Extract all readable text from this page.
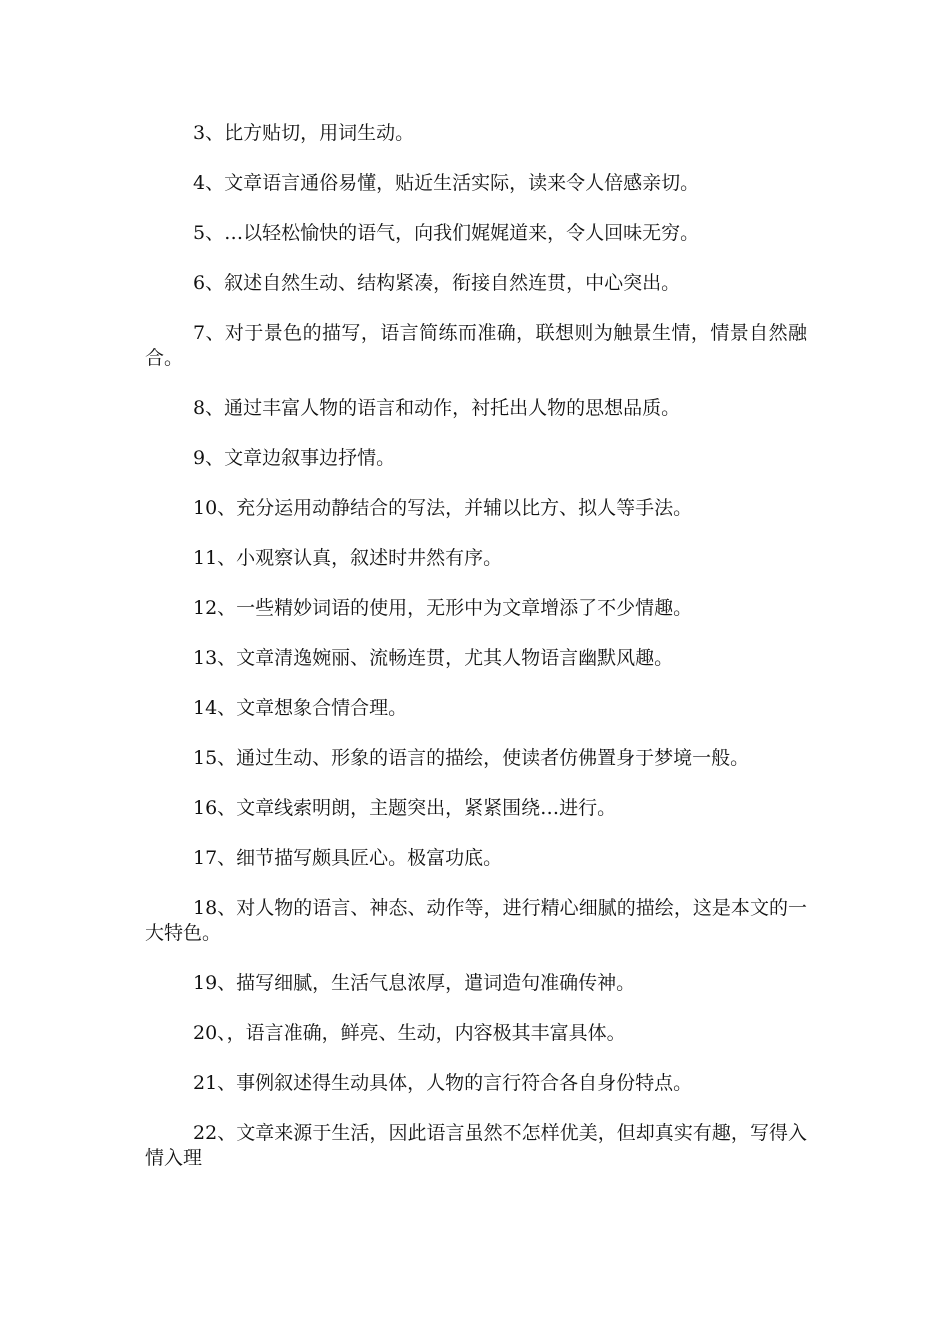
3、比方贴切，用词生动。

4、文章语言通俗易懂，贴近生活实际，读来令人倍感亲切。

5、…以轻松愉快的语气，向我们娓娓道来，令人回味无穷。

6、叙述自然生动、结构紧凑，衔接自然连贯，中心突出。

7、对于景色的描写，语言简练而准确，联想则为触景生情，情景自然融合。

8、通过丰富人物的语言和动作，衬托出人物的思想品质。

9、文章边叙事边抒情。

10、充分运用动静结合的写法，并辅以比方、拟人等手法。

11、小观察认真，叙述时井然有序。

12、一些精妙词语的使用，无形中为文章增添了不少情趣。

13、文章清逸婉丽、流畅连贯，尤其人物语言幽默风趣。

14、文章想象合情合理。

15、通过生动、形象的语言的描绘，使读者仿佛置身于梦境一般。

16、文章线索明朗，主题突出，紧紧围绕…进行。

17、细节描写颇具匠心。极富功底。

18、对人物的语言、神态、动作等，进行精心细腻的描绘，这是本文的一大特色。

19、描写细腻，生活气息浓厚，遣词造句准确传神。

20、，语言准确，鲜亮、生动，内容极其丰富具体。

21、事例叙述得生动具体，人物的言行符合各自身份特点。

22、文章来源于生活，因此语言虽然不怎样优美，但却真实有趣，写得入情入理
